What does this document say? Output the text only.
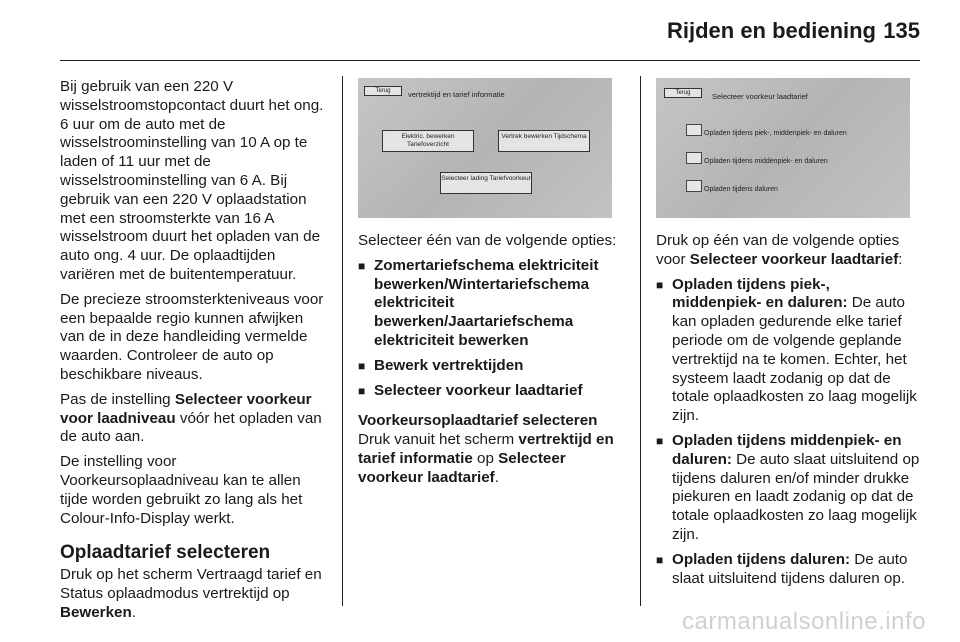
Rijden en bediening 135

Bij gebruik van een 220 V wisselstroomstopcontact duurt het ong. 6 uur om de auto met de wisselstroominstelling van 10 A op te laden of 11 uur met de wisselstroominstelling van 6 A. Bij gebruik van een 220 V oplaadstation met een stroomsterkte van 16 A wisselstroom duurt het opladen van de auto ong. 4 uur. De oplaadtijden variëren met de buitentemperatuur.

De precieze stroomsterkteniveaus voor een bepaalde regio kunnen afwijken van de in deze handleiding vermelde waarden. Controleer de auto op beschikbare niveaus.

Pas de instelling Selecteer voorkeur voor laadniveau vóór het opladen van de auto aan.

De instelling voor Voorkeursoplaadniveau kan te allen tijde worden gebruikt zo lang als het Colour-Info-Display werkt.

Oplaadtarief selecteren

Druk op het scherm Vertraagd tarief en Status oplaadmodus vertrektijd op Bewerken.

Terug	vertrektijd en tarief informatie
Elektric. bewerken Tariefoverzicht
Vertrek bewerken Tijdschema
Selecteer lading Tariefvoorkeur

Selecteer één van de volgende opties:

■ Zomertariefschema elektriciteit bewerken/Wintertariefschema elektriciteit bewerken/Jaartariefschema elektriciteit bewerken
■ Bewerk vertrektijden
■ Selecteer voorkeur laadtarief

Voorkeursoplaadtarief selecteren

Druk vanuit het scherm vertrektijd en tarief informatie op Selecteer voorkeur laadtarief.

Terug	Selecteer voorkeur laadtarief
Opladen tijdens piek-, middenpiek- en daluren
Opladen tijdens middenpiek- en daluren
Opladen tijdens daluren

Druk op één van de volgende opties voor Selecteer voorkeur laadtarief:

■ Opladen tijdens piek-, middenpiek- en daluren: De auto kan opladen gedurende elke tarief periode om de volgende geplande vertrektijd na te komen. Echter, het systeem laadt zodanig op dat de totale oplaadkosten zo laag mogelijk zijn.
■ Opladen tijdens middenpiek- en daluren: De auto slaat uitsluitend op tijdens daluren en/of minder drukke piekuren en laadt zodanig op dat de totale oplaadkosten zo laag mogelijk zijn.
■ Opladen tijdens daluren: De auto slaat uitsluitend tijdens daluren op.
carmanualsonline.info
